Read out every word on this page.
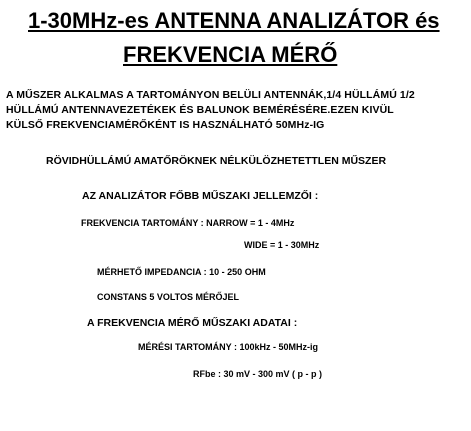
1-30MHz-es ANTENNA ANALIZÁTOR és
FREKVENCIA MÉRŐ
A MŰSZER ALKALMAS A TARTOMÁNYON BELÜLI ANTENNÁK,1/4 HÜLLÁMÚ 1/2
HÜLLÁMÚ ANTENNAVEZETÉKEK ÉS BALUNOK BEMÉRÉSÉRE.EZEN KIVÜL
KÜLSŐ FREKVENCIAMÉRŐKÉNT IS HASZNÁLHATÓ 50MHz-IG
RÖVIDHÜLLÁMÚ AMATŐRÖKNEK NÉLKÜLÖZHETETTLEN MŰSZER
AZ ANALIZÁTOR FŐBB MŰSZAKI JELLEMZŐI :
FREKVENCIA TARTOMÁNY : NARROW = 1 - 4MHz
WIDE = 1 - 30MHz
MÉRHETŐ IMPEDANCIA : 10 - 250 OHM
CONSTANS 5 VOLTOS MÉRŐJEL
A FREKVENCIA MÉRŐ MŰSZAKI ADATAI :
MÉRÉSI TARTOMÁNY : 100kHz - 50MHz-ig
RFbe : 30 mV - 300 mV ( p - p )
